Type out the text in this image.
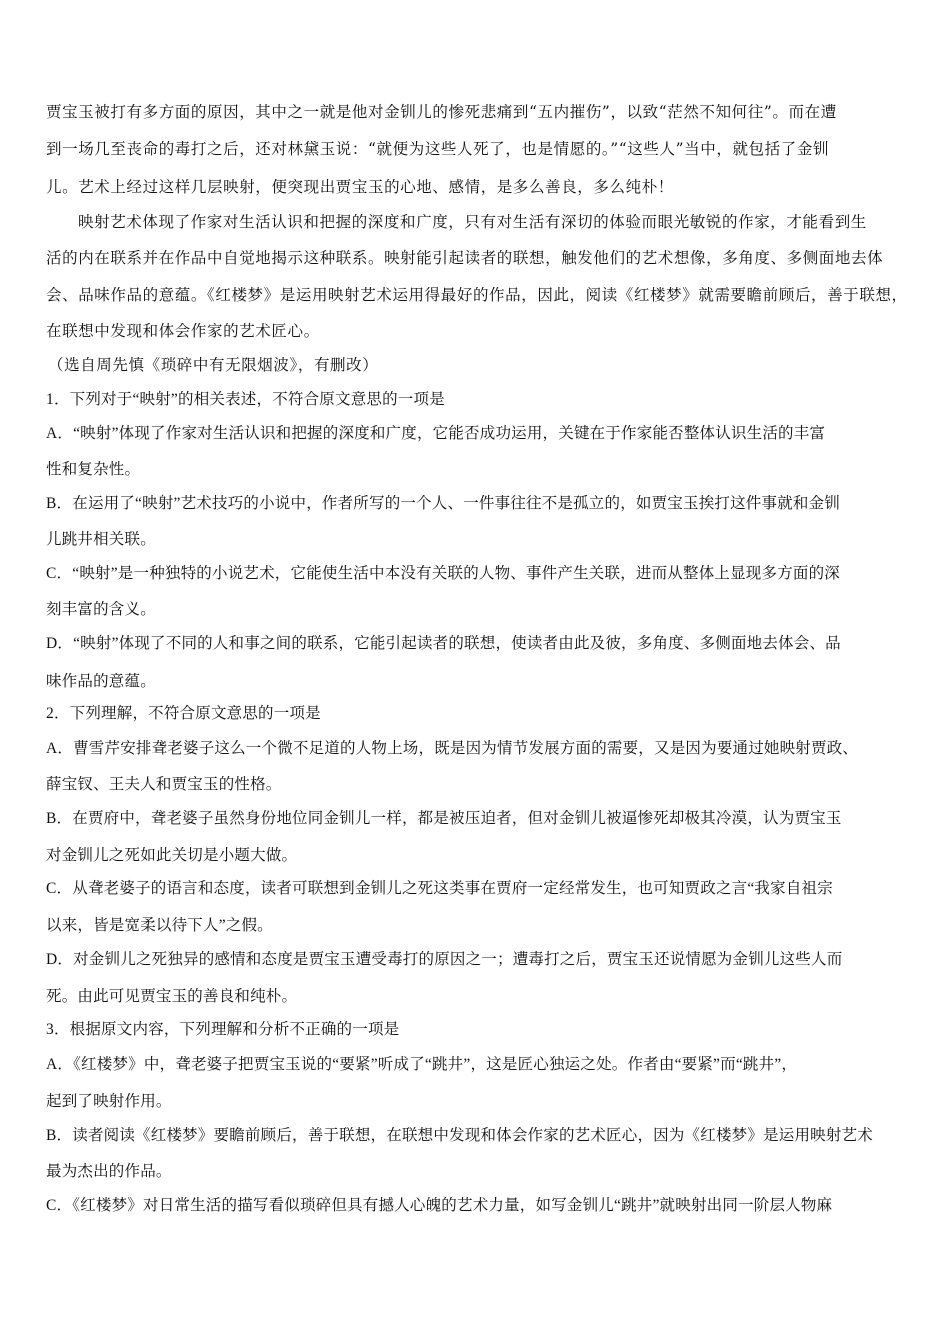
贾宝玉被打有多方面的原因，其中之一就是他对金钏儿的惨死悲痛到“五内摧伤”，以致“茫然不知何往”。而在遭
到一场几至丧命的毒打之后，还对林黛玉说：“就便为这些人死了，也是情愿的。”“这些人”当中，就包括了金钏
儿。艺术上经过这样几层映射，便突现出贾宝玉的心地、感情，是多么善良，多么纯朴！
映射艺术体现了作家对生活认识和把握的深度和广度，只有对生活有深切的体验而眼光敏锐的作家，才能看到生
活的内在联系并在作品中自觉地揭示这种联系。映射能引起读者的联想，触发他们的艺术想像，多角度、多侧面地去体
会、品味作品的意蕴。《红楼梦》是运用映射艺术运用得最好的作品，因此，阅读《红楼梦》就需要瞻前顾后，善于联想，
在联想中发现和体会作家的艺术匠心。
（选自周先慎《琐碎中有无限烟波》，有删改）
1．下列对于“映射”的相关表述，不符合原文意思的一项是
A．“映射”体现了作家对生活认识和把握的深度和广度，它能否成功运用，关键在于作家能否整体认识生活的丰富
性和复杂性。
B．在运用了“映射”艺术技巧的小说中，作者所写的一个人、一件事往往不是孤立的，如贾宝玉挨打这件事就和金钏
儿跳井相关联。
C．“映射”是一种独特的小说艺术，它能使生活中本没有关联的人物、事件产生关联，进而从整体上显现多方面的深
刻丰富的含义。
D．“映射”体现了不同的人和事之间的联系，它能引起读者的联想，使读者由此及彼，多角度、多侧面地去体会、品
味作品的意蕴。
2．下列理解，不符合原文意思的一项是
A．曹雪芹安排聋老婆子这么一个微不足道的人物上场，既是因为情节发展方面的需要，又是因为要通过她映射贾政、
薛宝钗、王夫人和贾宝玉的性格。
B．在贾府中，聋老婆子虽然身份地位同金钏儿一样，都是被压迫者，但对金钏儿被逼惨死却极其冷漠，认为贾宝玉
对金钏儿之死如此关切是小题大做。
C．从聋老婆子的语言和态度，读者可联想到金钏儿之死这类事在贾府一定经常发生，也可知贾政之言“我家自祖宗
以来，皆是宽柔以待下人”之假。
D．对金钏儿之死独异的感情和态度是贾宝玉遭受毒打的原因之一；遭毒打之后，贾宝玉还说情愿为金钏儿这些人而
死。由此可见贾宝玉的善良和纯朴。
3．根据原文内容，下列理解和分析不正确的一项是
A．《红楼梦》中，聋老婆子把贾宝玉说的“要紧”听成了“跳井”，这是匠心独运之处。作者由“要紧”而“跳井”，
起到了映射作用。
B．读者阅读《红楼梦》要瞻前顾后，善于联想，在联想中发现和体会作家的艺术匠心，因为《红楼梦》是运用映射艺术
最为杰出的作品。
C．《红楼梦》对日常生活的描写看似琐碎但具有撼人心魄的艺术力量，如写金钏儿“跳井”就映射出同一阶层人物麻
